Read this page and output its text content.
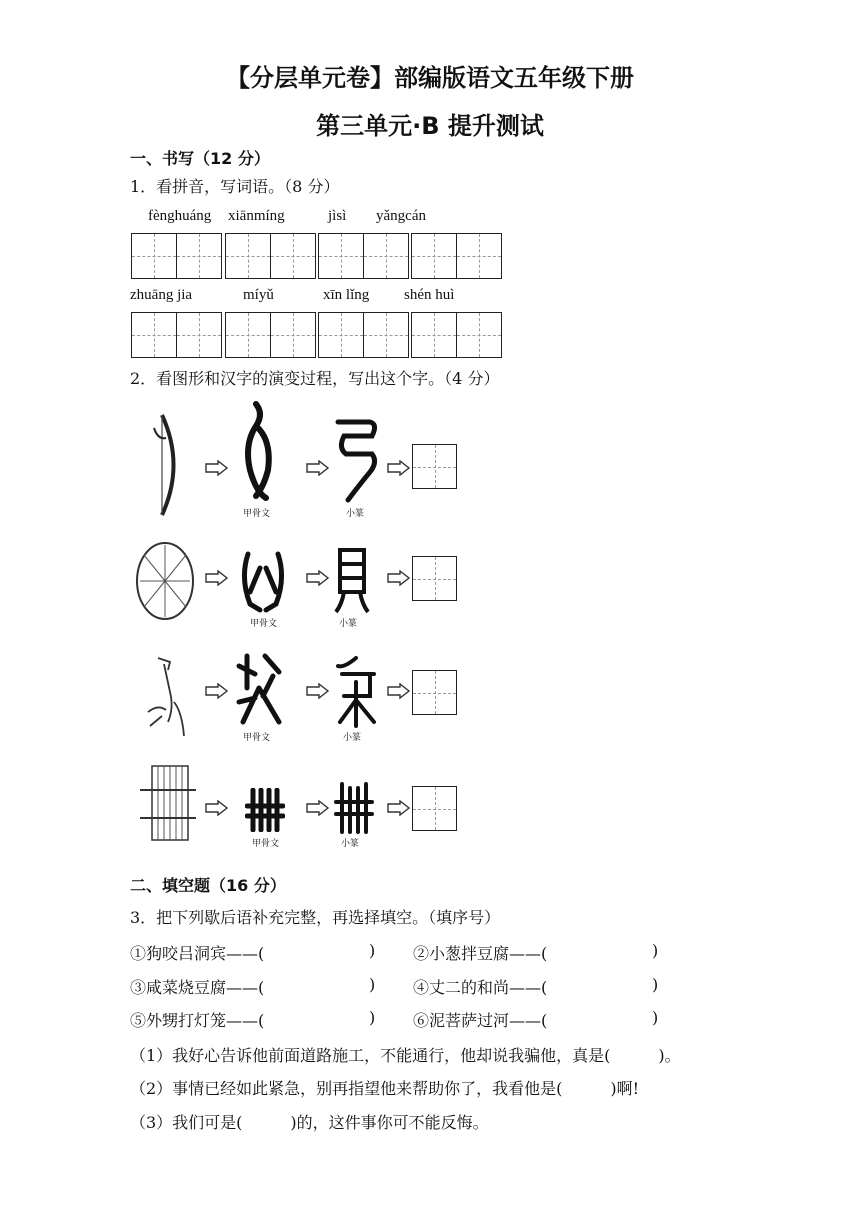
【分层单元卷】部编版语文五年级下册
第三单元·B 提升测试
一、书写（12 分）
1．看拼音，写词语。（8 分）
fènghuáng xiānmíng	jìsì yǎngcán
zhuāng jia	míyǔ	xīn lǐng shén huì
2．看图形和汉字的演变过程，写出这个字。（4 分）
甲骨文	小篆
甲骨文	小篆
甲骨文	小篆
甲骨文	小篆
二、填空题（16 分）
3．把下列歇后语补充完整，再选择填空。（填序号）
①狗咬吕洞宾——(	) ②小葱拌豆腐——(	)
③咸菜烧豆腐——(	) ④丈二的和尚——(	)
⑤外甥打灯笼——(	) ⑥泥菩萨过河——(	)
（1）我好心告诉他前面道路施工，不能通行，他却说我骗他，真是(　　　)。
（2）事情已经如此紧急，别再指望他来帮助你了，我看他是(　　　)啊!
（3）我们可是(　　　)的，这件事你可不能反悔。
